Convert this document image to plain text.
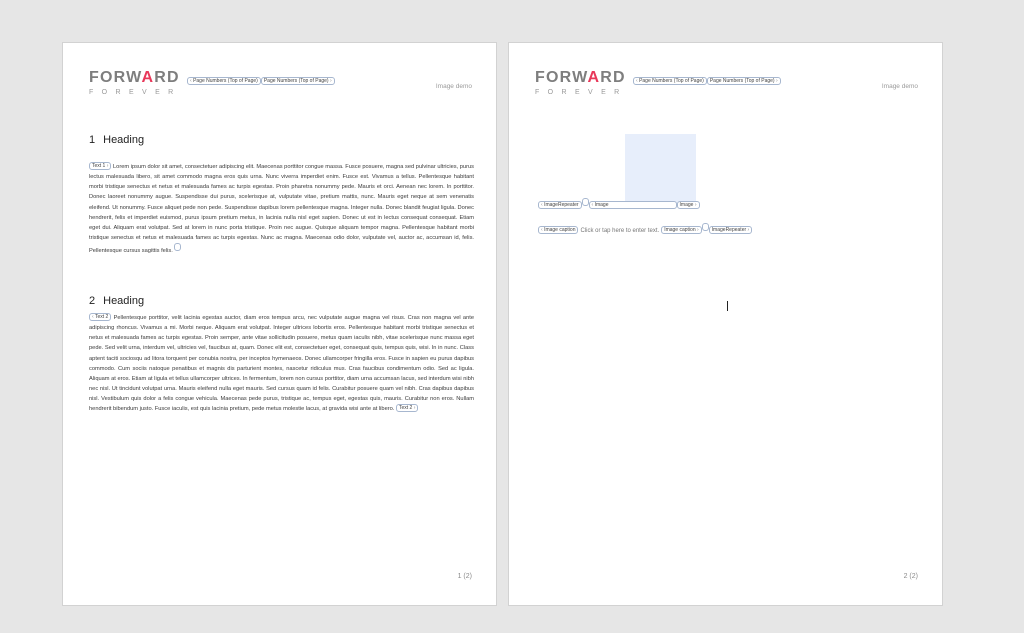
FORWARD
FOREVER
‹ Page Numbers (Top of Page) Page Numbers (Top of Page) ›
Image demo
1 Heading
Text 1 › Lorem ipsum dolor sit amet, consectetuer adipiscing elit. Maecenas porttitor congue massa. Fusce posuere, magna sed pulvinar ultricies, purus lectus malesuada libero, sit amet commodo magna eros quis urna. Nunc viverra imperdiet enim. Fusce est. Vivamus a tellus. Pellentesque habitant morbi tristique senectus et netus et malesuada fames ac turpis egestas. Proin pharetra nonummy pede. Mauris et orci. Aenean nec lorem. In porttitor. Donec laoreet nonummy augue. Suspendisse dui purus, scelerisque at, vulputate vitae, pretium mattis, nunc. Mauris eget neque at sem venenatis eleifend. Ut nonummy. Fusce aliquet pede non pede. Suspendisse dapibus lorem pellentesque magna. Integer nulla. Donec blandit feugiat ligula. Donec hendrerit, felis et imperdiet euismod, purus ipsum pretium metus, in lacinia nulla nisl eget sapien. Donec ut est in lectus consequat consequat. Etiam eget dui. Aliquam erat volutpat. Sed at lorem in nunc porta tristique. Proin nec augue. Quisque aliquam tempor magna. Pellentesque habitant morbi tristique senectus et netus et malesuada fames ac turpis egestas. Nunc ac magna. Maecenas odio dolor, vulputate vel, auctor ac, accumsan id, felis. Pellentesque cursus sagittis felis.
2 Heading
‹ Text 2 Pellentesque porttitor, velit lacinia egestas auctor, diam eros tempus arcu, nec vulputate augue magna vel risus. Cras non magna vel ante adipiscing rhoncus. Vivamus a mi. Morbi neque. Aliquam erat volutpat. Integer ultrices lobortis eros. Pellentesque habitant morbi tristique senectus et netus et malesuada fames ac turpis egestas. Proin semper, ante vitae sollicitudin posuere, metus quam iaculis nibh, vitae scelerisque nunc massa eget pede. Sed velit urna, interdum vel, ultricies vel, faucibus at, quam. Donec elit est, consectetuer eget, consequat quis, tempus quis, wisi. In in nunc. Class aptent taciti sociosqu ad litora torquent per conubia nostra, per inceptos hymenaeos. Donec ullamcorper fringilla eros. Fusce in sapien eu purus dapibus commodo. Cum sociis natoque penatibus et magnis dis parturient montes, nascetur ridiculus mus. Cras faucibus condimentum odio. Sed ac ligula. Aliquam at eros. Etiam at ligula et tellus ullamcorper ultrices. In fermentum, lorem non cursus porttitor, diam urna accumsan lacus, sed interdum wisi nibh nec nisl. Ut tincidunt volutpat urna. Mauris eleifend nulla eget mauris. Sed cursus quam id felis. Curabitur posuere quam vel nibh. Cras dapibus dapibus nisl. Vestibulum quis dolor a felis congue vehicula. Maecenas pede purus, tristique ac, tempus eget, egestas quis, mauris. Curabitur non eros. Nullam hendrerit bibendum justo. Fusce iaculis, est quis lacinia pretium, pede metus molestie lacus, at gravida wisi ante at libero. Text 2 ›
1 (2)
FORWARD
FOREVER
‹ Page Numbers (Top of Page) Page Numbers (Top of Page) ›
Image demo
‹ ImageRepeater	‹ Image	Image ›
‹ Image caption Click or tap here to enter text. Image caption ›	ImageRepeater ›
2 (2)
